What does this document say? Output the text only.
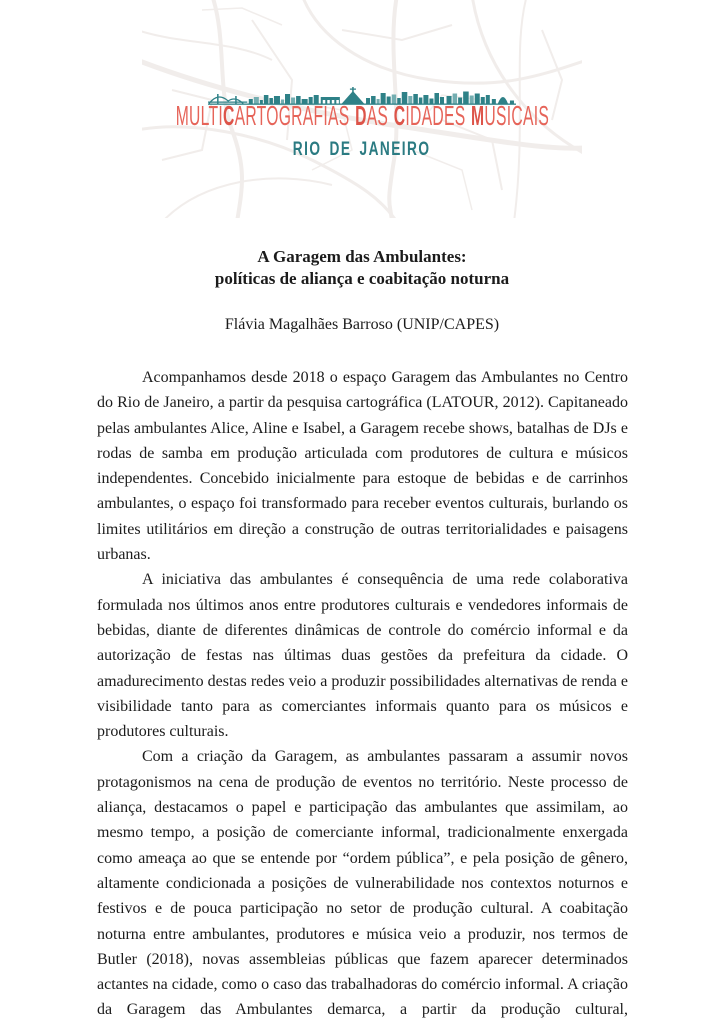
MULTICARTOGRAFIAS DAS CIDADES MUSICAIS
RIO DE JANEIRO
A Garagem das Ambulantes:
políticas de aliança e coabitação noturna
Flávia Magalhães Barroso (UNIP/CAPES)

Acompanhamos desde 2018 o espaço Garagem das Ambulantes no Centro do Rio de Janeiro, a partir da pesquisa cartográfica (LATOUR, 2012). Capitaneado pelas ambulantes Alice, Aline e Isabel, a Garagem recebe shows, batalhas de DJs e rodas de samba em produção articulada com produtores de cultura e músicos independentes. Concebido inicialmente para estoque de bebidas e de carrinhos ambulantes, o espaço foi transformado para receber eventos culturais, burlando os limites utilitários em direção a construção de outras territorialidades e paisagens urbanas.

A iniciativa das ambulantes é consequência de uma rede colaborativa formulada nos últimos anos entre produtores culturais e vendedores informais de bebidas, diante de diferentes dinâmicas de controle do comércio informal e da autorização de festas nas últimas duas gestões da prefeitura da cidade. O amadurecimento destas redes veio a produzir possibilidades alternativas de renda e visibilidade tanto para as comerciantes informais quanto para os músicos e produtores culturais.

Com a criação da Garagem, as ambulantes passaram a assumir novos protagonismos na cena de produção de eventos no território. Neste processo de aliança, destacamos o papel e participação das ambulantes que assimilam, ao mesmo tempo, a posição de comerciante informal, tradicionalmente enxergada como ameaça ao que se entende por “ordem pública”, e pela posição de gênero, altamente condicionada a posições de vulnerabilidade nos contextos noturnos e festivos e de pouca participação no setor de produção cultural. A coabitação noturna entre ambulantes, produtores e música veio a produzir, nos termos de Butler (2018), novas assembleias públicas que fazem aparecer determinados actantes na cidade, como o caso das trabalhadoras do comércio informal. A criação da Garagem das Ambulantes demarca, a partir da produção cultural,
